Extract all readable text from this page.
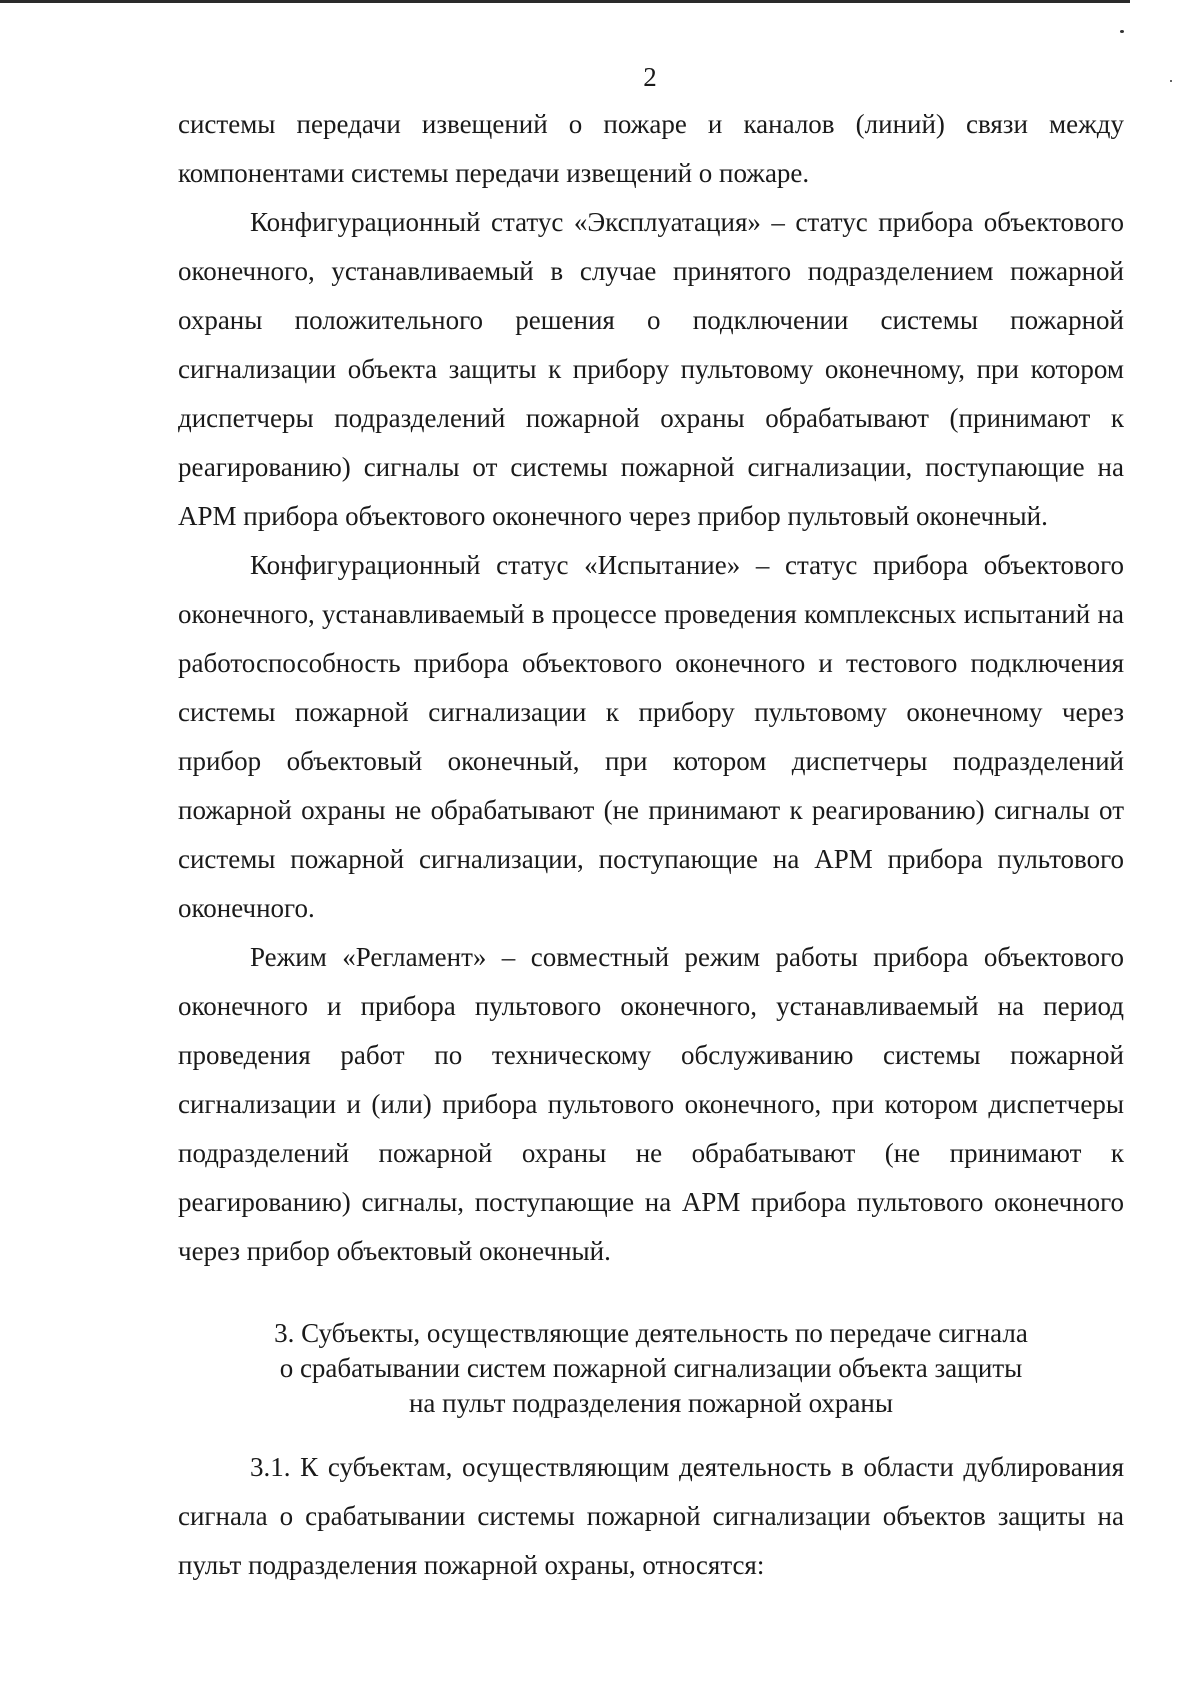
2

системы передачи извещений о пожаре и каналов (линий) связи между компонентами системы передачи извещений о пожаре.

Конфигурационный статус «Эксплуатация» – статус прибора объектового оконечного, устанавливаемый в случае принятого подразделением пожарной охраны положительного решения о подключении системы пожарной сигнализации объекта защиты к прибору пультовому оконечному, при котором диспетчеры подразделений пожарной охраны обрабатывают (принимают к реагированию) сигналы от системы пожарной сигнализации, поступающие на АРМ прибора объектового оконечного через прибор пультовый оконечный.

Конфигурационный статус «Испытание» – статус прибора объектового оконечного, устанавливаемый в процессе проведения комплексных испытаний на работоспособность прибора объектового оконечного и тестового подключения системы пожарной сигнализации к прибору пультовому оконечному через прибор объектовый оконечный, при котором диспетчеры подразделений пожарной охраны не обрабатывают (не принимают к реагированию) сигналы от системы пожарной сигнализации, поступающие на АРМ прибора пультового оконечного.

Режим «Регламент» – совместный режим работы прибора объектового оконечного и прибора пультового оконечного, устанавливаемый на период проведения работ по техническому обслуживанию системы пожарной сигнализации и (или) прибора пультового оконечного, при котором диспетчеры подразделений пожарной охраны не обрабатывают (не принимают к реагированию) сигналы, поступающие на АРМ прибора пультового оконечного через прибор объектовый оконечный.

3. Субъекты, осуществляющие деятельность по передаче сигнала
о срабатывании систем пожарной сигнализации объекта защиты
на пульт подразделения пожарной охраны

3.1. К субъектам, осуществляющим деятельность в области дублирования сигнала о срабатывании системы пожарной сигнализации объектов защиты на пульт подразделения пожарной охраны, относятся:
